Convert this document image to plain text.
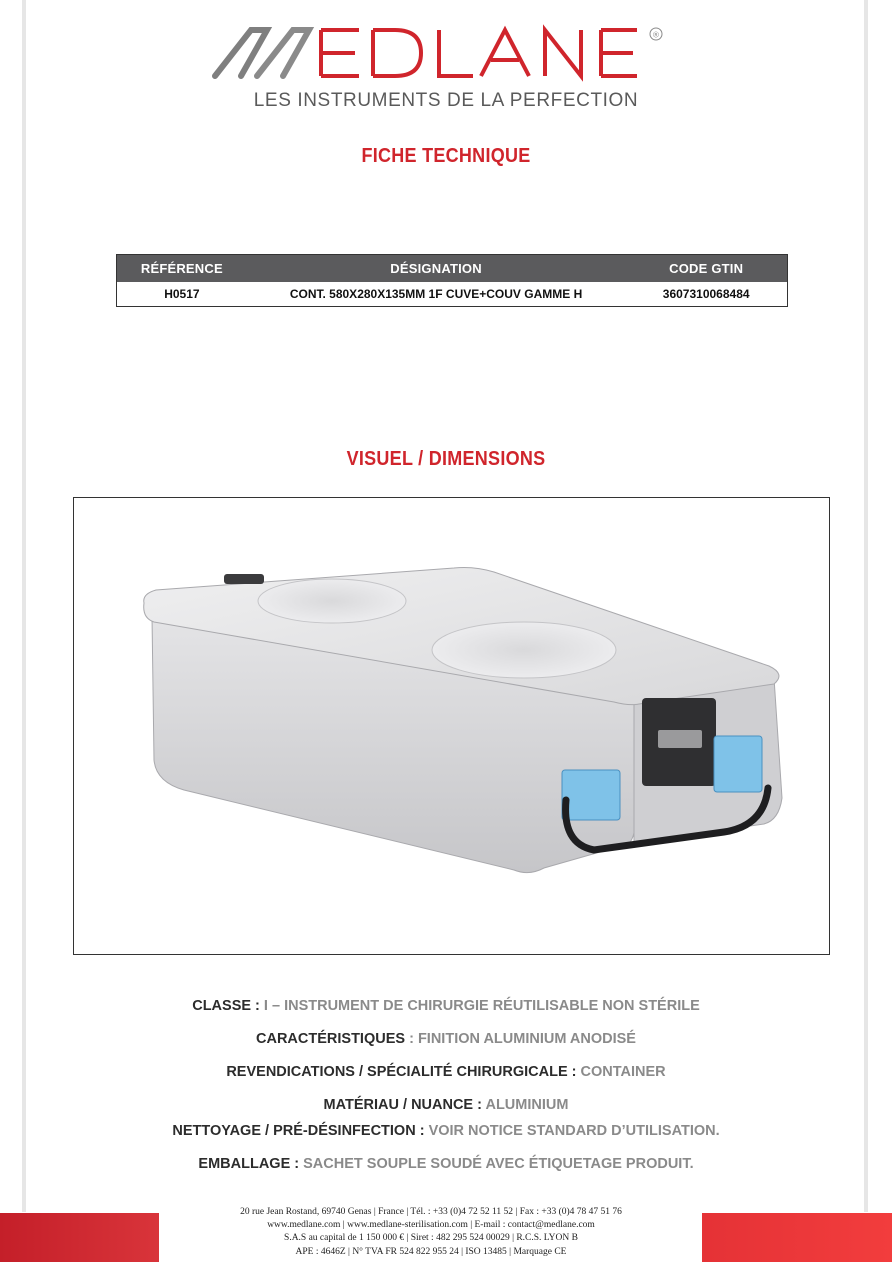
®
LES INSTRUMENTS DE LA PERFECTION
FICHE TECHNIQUE
RÉFÉRENCE	DÉSIGNATION	CODE GTIN
H0517	CONT. 580X280X135MM 1F CUVE+COUV GAMME H	3607310068484
VISUEL / DIMENSIONS
CLASSE : I – INSTRUMENT DE CHIRURGIE RÉUTILISABLE NON STÉRILE
CARACTÉRISTIQUES : FINITION ALUMINIUM ANODISÉ
REVENDICATIONS / SPÉCIALITÉ CHIRURGICALE : CONTAINER
MATÉRIAU / NUANCE : ALUMINIUM
NETTOYAGE / PRÉ-DÉSINFECTION : VOIR NOTICE STANDARD D’UTILISATION.
EMBALLAGE : SACHET SOUPLE SOUDÉ AVEC ÉTIQUETAGE PRODUIT.
20 rue Jean Rostand, 69740 Genas | France | Tél. : +33 (0)4 72 52 11 52 | Fax : +33 (0)4 78 47 51 76
www.medlane.com | www.medlane-sterilisation.com | E-mail : contact@medlane.com
S.A.S au capital de 1 150 000 € | Siret : 482 295 524 00029 | R.C.S. LYON B
APE : 4646Z | N° TVA FR 524 822 955 24 | ISO 13485 | Marquage CE
